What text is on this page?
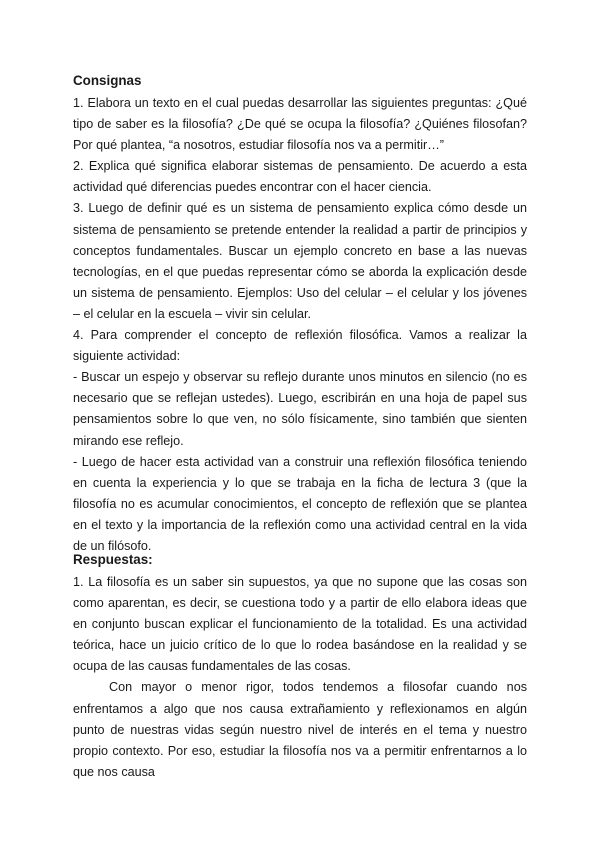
Consignas

1. Elabora un texto en el cual puedas desarrollar las siguientes preguntas: ¿Qué tipo de saber es la filosofía? ¿De qué se ocupa la filosofía? ¿Quiénes filosofan? Por qué plantea, “a nosotros, estudiar filosofía nos va a permitir…”

2. Explica qué significa elaborar sistemas de pensamiento. De acuerdo a esta actividad qué diferencias puedes encontrar con el hacer ciencia.

3. Luego de definir qué es un sistema de pensamiento explica cómo desde un sistema de pensamiento se pretende entender la realidad a partir de principios y conceptos fundamentales. Buscar un ejemplo concreto en base a las nuevas tecnologías, en el que puedas representar cómo se aborda la explicación desde un sistema de pensamiento. Ejemplos: Uso del celular – el celular y los jóvenes – el celular en la escuela – vivir sin celular.

4. Para comprender el concepto de reflexión filosófica. Vamos a realizar la siguiente actividad:

- Buscar un espejo y observar su reflejo durante unos minutos en silencio (no es necesario que se reflejan ustedes). Luego, escribirán en una hoja de papel sus pensamientos sobre lo que ven, no sólo físicamente, sino también que sienten mirando ese reflejo.

- Luego de hacer esta actividad van a construir una reflexión filosófica teniendo en cuenta la experiencia y lo que se trabaja en la ficha de lectura 3 (que la filosofía no es acumular conocimientos, el concepto de reflexión que se plantea en el texto y la importancia de la reflexión como una actividad central en la vida de un filósofo.

Respuestas:

1. La filosofía es un saber sin supuestos, ya que no supone que las cosas son como aparentan, es decir, se cuestiona todo y a partir de ello elabora ideas que en conjunto buscan explicar el funcionamiento de la totalidad. Es una actividad teórica, hace un juicio crítico de lo que lo rodea basándose en la realidad y se ocupa de las causas fundamentales de las cosas.

Con mayor o menor rigor, todos tendemos a filosofar cuando nos enfrentamos a algo que nos causa extrañamiento y reflexionamos en algún punto de nuestras vidas según nuestro nivel de interés en el tema y nuestro propio contexto. Por eso, estudiar la filosofía nos va a permitir enfrentarnos a lo que nos causa
